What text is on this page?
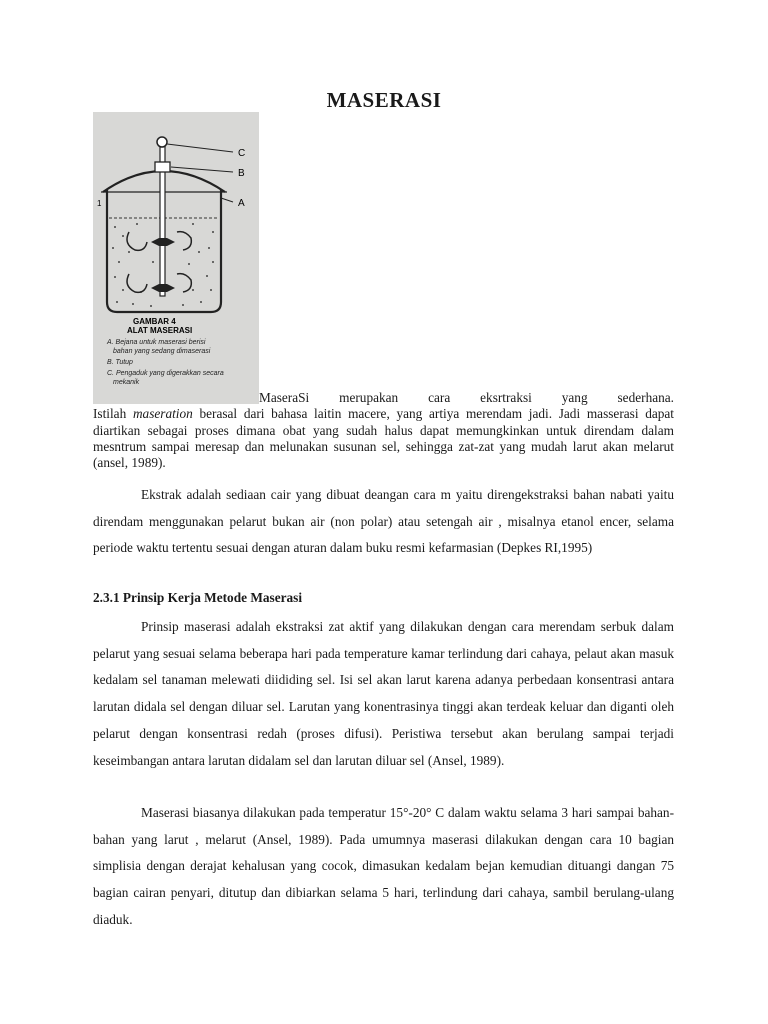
MASERASI
C
B
A
1
GAMBAR 4
ALAT MASERASI
A. Bejana untuk maserasi berisi
bahan yang sedang dimaserasi
B. Tutup
C. Pengaduk yang digerakkan secara
mekanik
MaseraSi merupakan cara eksrtraksi yang sederhana.
Istilah maseration berasal dari bahasa laitin macere, yang artiya merendam jadi. Jadi masserasi dapat diartikan sebagai proses dimana obat yang sudah halus dapat memungkinkan untuk direndam dalam mesntrum sampai meresap dan melunakan susunan sel, sehingga zat-zat yang mudah larut akan melarut (ansel, 1989).
Ekstrak adalah sediaan cair yang dibuat deangan cara m yaitu direngekstraksi bahan nabati yaitu direndam menggunakan pelarut bukan air (non polar) atau setengah air , misalnya etanol encer, selama periode waktu tertentu sesuai dengan aturan dalam buku resmi kefarmasian (Depkes RI,1995)
2.3.1 Prinsip Kerja Metode Maserasi
Prinsip maserasi adalah ekstraksi zat aktif yang dilakukan dengan cara merendam serbuk dalam pelarut yang sesuai selama beberapa hari pada temperature kamar terlindung dari cahaya, pelaut akan masuk kedalam sel tanaman melewati diididing sel. Isi sel akan larut karena adanya perbedaan konsentrasi antara larutan didala sel dengan diluar sel. Larutan yang konentrasinya tinggi akan terdeak keluar dan diganti oleh pelarut dengan konsentrasi redah (proses difusi). Peristiwa tersebut akan berulang sampai terjadi keseimbangan antara larutan didalam sel dan larutan diluar sel (Ansel, 1989).
Maserasi biasanya dilakukan pada temperatur 15°-20° C dalam waktu selama 3 hari sampai bahan-bahan yang larut , melarut (Ansel, 1989). Pada umumnya maserasi dilakukan dengan cara 10 bagian simplisia dengan derajat kehalusan yang cocok, dimasukan kedalam bejan kemudian dituangi dangan 75 bagian cairan penyari, ditutup dan dibiarkan selama 5 hari, terlindung dari cahaya, sambil berulang-ulang diaduk.
